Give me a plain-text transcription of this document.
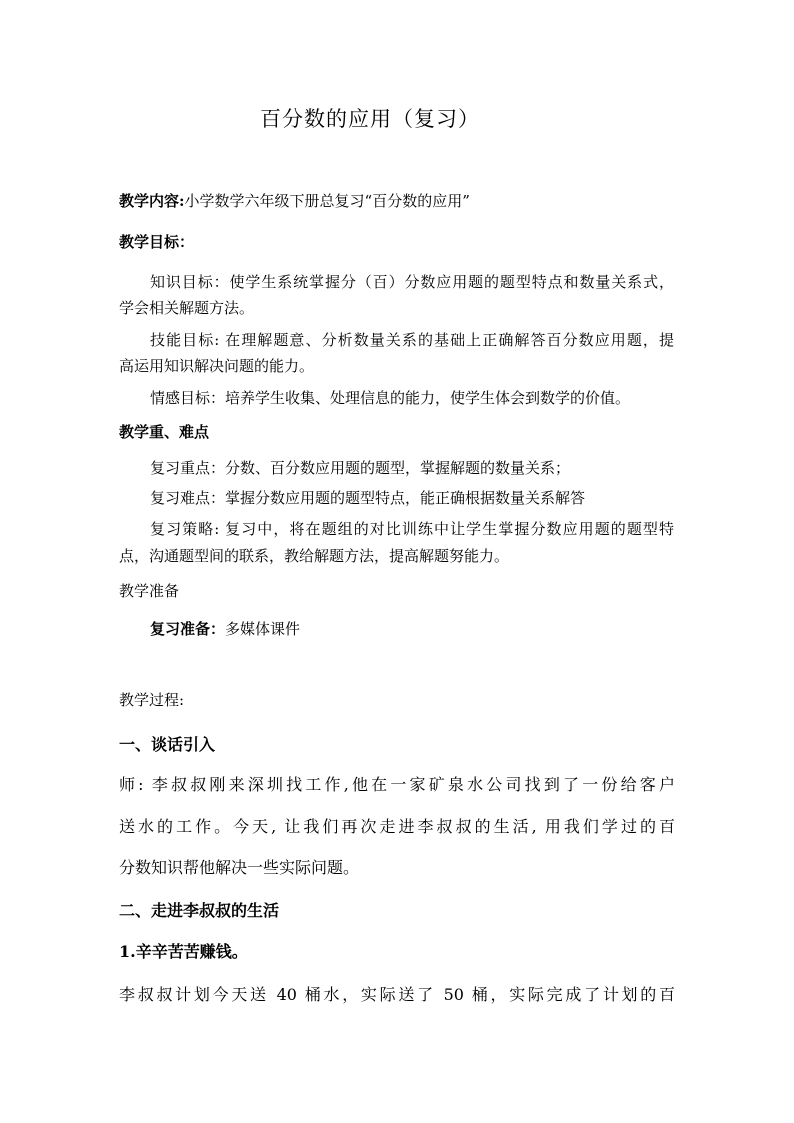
百分数的应用（复习）
教学内容:小学数学六年级下册总复习“百分数的应用”
教学目标：
知识目标：使学生系统掌握分（百）分数应用题的题型特点和数量关系式，
学会相关解题方法。
技能目标: 在理解题意、分析数量关系的基础上正确解答百分数应用题，提
高运用知识解决问题的能力。
情感目标：培养学生收集、处理信息的能力，使学生体会到数学的价值。
教学重、难点
复习重点：分数、百分数应用题的题型，掌握解题的数量关系；
复习难点：掌握分数应用题的题型特点，能正确根据数量关系解答
复习策略: 复习中，将在题组的对比训练中让学生掌握分数应用题的题型特
点，沟通题型间的联系，教给解题方法，提高解题努能力。
教学准备
复习准备：多媒体课件
教学过程:
一、谈话引入
师: 李叔叔刚来深圳找工作,他在一家矿泉水公司找到了一份给客户
送水的工作。今天, 让我们再次走进李叔叔的生活, 用我们学过的百
分数知识帮他解决一些实际问题。
二、走进李叔叔的生活
1.辛辛苦苦赚钱。
李叔叔计划今天送 40 桶水，实际送了 50 桶，实际完成了计划的百
